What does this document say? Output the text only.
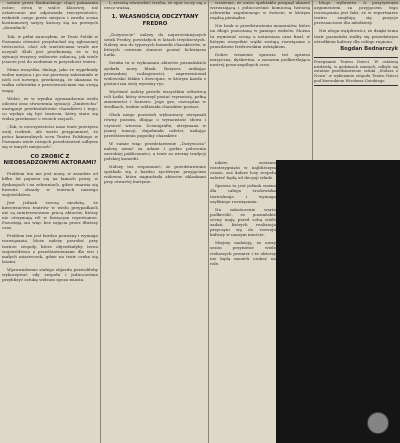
szenie przez Rudnickiego chęci pokazania rożne; stron w walce klasowej, niż ostatecznie nie odpowiada rzeczywistości, wskutek czego puste miejsca i zawiła scena kostiumowej satyry kończy się na pewnych „dowodach”.

Tak, w pełni nauczyłem, że Teatr Polski w Poznaniu również przysłuchał się zgłoszonej twórczości, choć ich wartościami wcale nie uczynił. Klub jest przekonany, że w tej sytuacji wszyscy widzowie zobaczą, jak wiele jeszcze jest do zrobienia w przyszłości teatru.

Mimo wszystko, dialogi, jako że wypełniały wolne miejsca i po raz pierwszy zabrzmiało w nich coś nowego, przekonują, że ukazana tu walka człowieka z przeciwnościami ma swoją wagę.

Widać, że w wyniku zgromadzenia wielu odcieni oraz stworzenia sytuacji „Zmierzchu” następuje przekształcenie charakteru i tego, co wydaje się być teatrem, który stara się widza przekonać o swoich racjach.

„Tak, w rzeczywistości nasz teatr przeżywa swój rozkwit, ale warto przypomnieć, że prócz kameralnych scen Teatru Polskiego w Poznaniu wiele różnych przedstawień odbywa się w innych miejscach”.

CO ZROBIĆ Z NIEOBSADZONYMI AKTORAMI?

Problem ten nie jest nowy, w zasadzie od kilku lat pojawia się na łamach prasy, w dyskusjach i na zebraniach, gdzie omawia się kwestie obsady w teatrach naszego województwa.

Jest jednak rzeczą niezbitą, że kierownictwa teatrów w wielu przypadkach nie są zainteresowane pracą aktorów, którzy nie otrzymują ról w bieżącym repertuarze. Pozostają oni więc bez zajęcia przez dłuższy czas.

Problem ten jest bardzo poważny i wymaga rozwiązania. Może należy powołać przy teatrze zespoły, które objeżdżałyby teren województwa z przedstawieniami dla wsi i małych miasteczek, gdzie na teatr czeka się latami.

Wprowadzenie stałego objazdu pozwoliłoby wykorzystać siły zespołu i jednocześnie przybliżyć sztukę widzom spoza miasta.

I, zresztą stwierdzić trzeba, że spór toczy się o rzecz ważną.

1. WŁASNOŚCIĄ ODCZYTANY FREDRO

„Dożywocie” należy do najwcześniejszych sztuk Fredry, powstałych w latach trzydziestych. Należy ono do typowych komedii charakterów, w których centrum stanowi postać lichwiarza Łatki.

Sztuka ta w wykonaniu aktorów poznańskich zyskała nowy blask. Reżyser, unikając przesadnej rodzajowości, zaprezentował widowisko lekkie i dowcipne, w którym każda z postaci ma swój wyraźny rys.

Wyróżnić należy przede wszystkim odtwórcę roli Łatki, który stworzył postać wyrazistą, pełną zmienności i humoru. Jego gra, oszczędna w środkach, trafnie oddawała charakter postaci.

Obok niego pozostali wykonawcy utrzymali równy poziom, dbając o wyrazistość słowa i czystość wiersza. Scenografia, utrzymana w jasnej tonacji, dopełniała całości, nadając przedstawieniu pogodny charakter.

W sumie więc przedstawienie „Dożywocia” należy uznać za udane i godne polecenia szerokiej publiczności, a teatr za wierny tradycji polskiej komedii.

Należy też wspomnieć, że przedstawienie spotkało się z bardzo życzliwym przyjęciem widowni, która nagradzała aktorów oklaskami przy otwartej kurtynie.

wrażenie, że autor spektaklu pragnął ukazać wzruszającą i jednocześnie komiczną historię człowieka zagubionego w świecie, w którym rządzą pieniądze.

Nie brak w przedstawieniu momentów, które na długo pozostaną w pamięci widzów. Można tu wymienić scenę u notariusza oraz finał, w którym wszystkie wątki zostają rozwiązane z prawdziwie fredrowskim wdziękiem.

Dobre wrażenie sprawia też oprawa muzyczna, dyskretna, a zarazem podkreślająca nastrój poszczególnych scen.

blogo wybrzeże. A pozytywnym argumentem za przyjęciem tego rozwiązania jest fakt, że w repertuarze teatru znajdują się pozycje przeznaczone dla młodzieży.

Nie ulega wątpliwości, że dzięki temu teatr poznański stałby się prawdziwym ośrodkiem kultury dla całego regionu.

Bogdan Bednarczyk
Pożegnanie Teatru Dzieci. W ostatnią niedzielę, w godzinach rannych, odbyło się ostatnie przedstawienie sztuki „Stolarz z Nowa” w wykonaniu zespołu Teatru Dzieci pod kierunkiem Wiesława Gorskiego.

ników zostanie rozstrzygnięta w najbliższym czasie, zaś dalsze losy zespołu zależeć będą od decyzji władz.

Sprawa ta jest jednak ważna dla całego środowiska teatralnego i wymaga szybkiego rozwiązania.

Na zakończenie warto podkreślić, że poznańskie sceny mają przed sobą wiele zadań, których realizacja przyczyni się do rozwoju kultury w naszym mieście.

Miejmy nadzieję, że nowy sezon przyniesie wiele ciekawych premier i że aktorzy nie będą musieli czekać na role.
